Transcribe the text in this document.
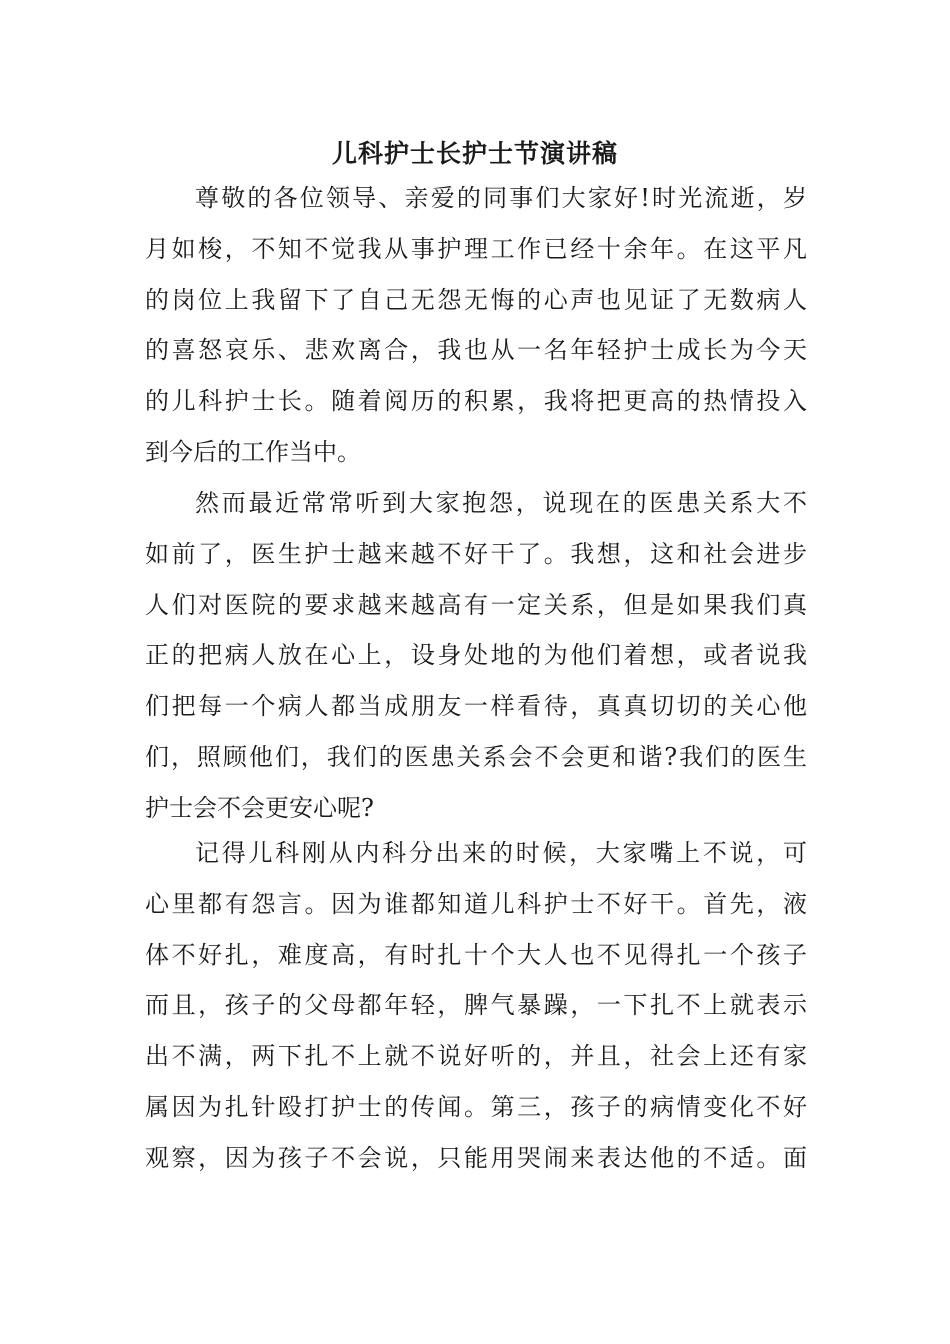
儿科护士长护士节演讲稿
尊敬的各位领导、亲爱的同事们大家好!时光流逝，岁
月如梭，不知不觉我从事护理工作已经十余年。在这平凡
的岗位上我留下了自己无怨无悔的心声也见证了无数病人
的喜怒哀乐、悲欢离合，我也从一名年轻护士成长为今天
的儿科护士长。随着阅历的积累，我将把更高的热情投入
到今后的工作当中。
然而最近常常听到大家抱怨，说现在的医患关系大不
如前了，医生护士越来越不好干了。我想，这和社会进步
人们对医院的要求越来越高有一定关系，但是如果我们真
正的把病人放在心上，设身处地的为他们着想，或者说我
们把每一个病人都当成朋友一样看待，真真切切的关心他
们，照顾他们，我们的医患关系会不会更和谐?我们的医生
护士会不会更安心呢?
记得儿科刚从内科分出来的时候，大家嘴上不说，可
心里都有怨言。因为谁都知道儿科护士不好干。首先，液
体不好扎，难度高，有时扎十个大人也不见得扎一个孩子
而且，孩子的父母都年轻，脾气暴躁，一下扎不上就表示
出不满，两下扎不上就不说好听的，并且，社会上还有家
属因为扎针殴打护士的传闻。第三，孩子的病情变化不好
观察，因为孩子不会说，只能用哭闹来表达他的不适。面
